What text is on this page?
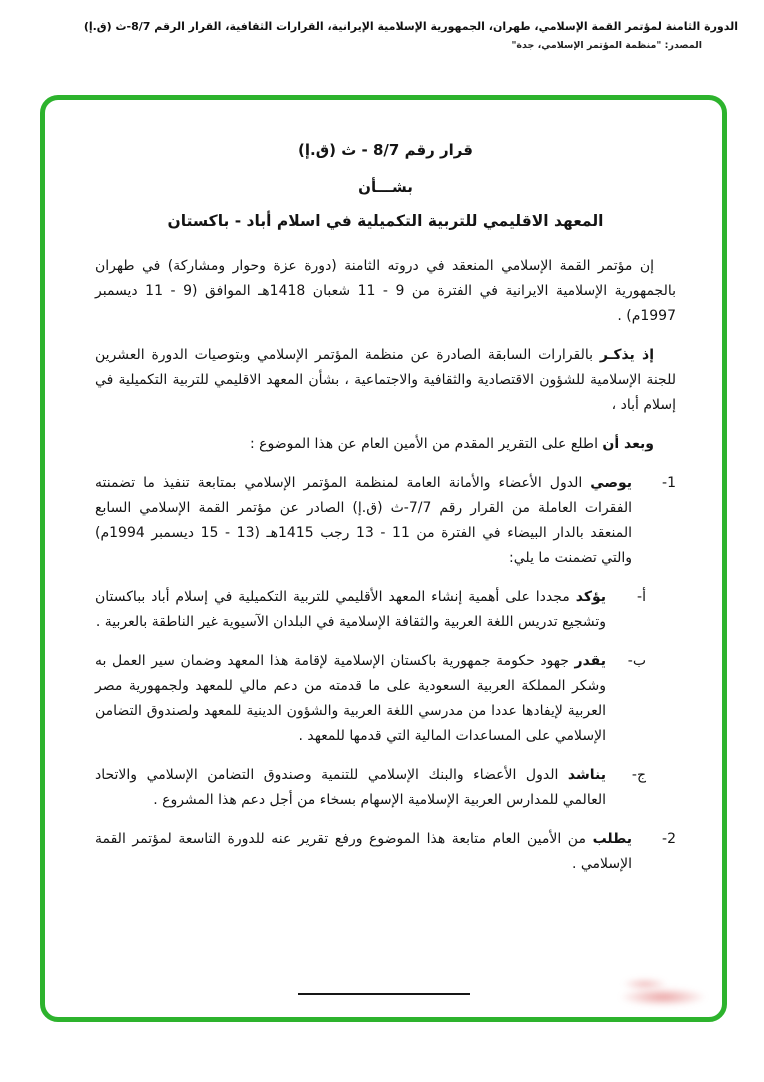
الدورة الثامنة لمؤتمر القمة الإسلامي، طهران، الجمهورية الإسلامية الإيرانية، القرارات الثقافية، القرار الرقم 8/7-ث (ق.إ)
المصدر: "منظمة المؤتمر الإسلامي، جدة"
قرار رقم 8/7 - ث (ق.إ)
بشـــأن
المعهد الاقليمي للتربية التكميلية في اسلام أباد - باكستان

إن مؤتمر القمة الإسلامي المنعقد في دروته الثامنة (دورة عزة وحوار ومشاركة) في طهران بالجمهورية الإسلامية الايرانية في الفترة من 9 - 11 شعبان 1418هـ الموافق (9 - 11 ديسمبر 1997م) .

إذ يذكـر بالقرارات السابقة الصادرة عن منظمة المؤتمر الإسلامي وبتوصيات الدورة العشرين للجنة الإسلامية للشؤون الاقتصادية والثقافية والاجتماعية ، بشأن المعهد الاقليمي للتربية التكميلية في إسلام أباد ،

وبعد أن اطلع على التقرير المقدم من الأمين العام عن هذا الموضوع :

1-
يوصي الدول الأعضاء والأمانة العامة لمنظمة المؤتمر الإسلامي بمتابعة تنفيذ ما تضمنته الفقرات العاملة من القرار رقم 7/7-ث (ق.إ) الصادر عن مؤتمر القمة الإسلامي السابع المنعقد بالدار البيضاء في الفترة من 11 - 13 رجب 1415هـ (13 - 15 ديسمبر 1994م) والتي تضمنت ما يلي:
أ-
يؤكد مجددا على أهمية إنشاء المعهد الأقليمي للتربية التكميلية في إسلام أباد بباكستان وتشجيع تدريس اللغة العربية والثقافة الإسلامية في البلدان الآسيوية غير الناطقة بالعربية .
ب-
يقدر جهود حكومة جمهورية باكستان الإسلامية لإقامة هذا المعهد وضمان سير العمل به وشكر المملكة العربية السعودية على ما قدمته من دعم مالي للمعهد ولجمهورية مصر العربية لإيفادها عددا من مدرسي اللغة العربية والشؤون الدينية للمعهد ولصندوق التضامن الإسلامي على المساعدات المالية التي قدمها للمعهد .
ج-
يناشد الدول الأعضاء والبنك الإسلامي للتنمية وصندوق التضامن الإسلامي والاتحاد العالمي للمدارس العربية الإسلامية الإسهام بسخاء من أجل دعم هذا المشروع .
2-
يطلب من الأمين العام متابعة هذا الموضوع ورفع تقرير عنه للدورة التاسعة لمؤتمر القمة الإسلامي .
